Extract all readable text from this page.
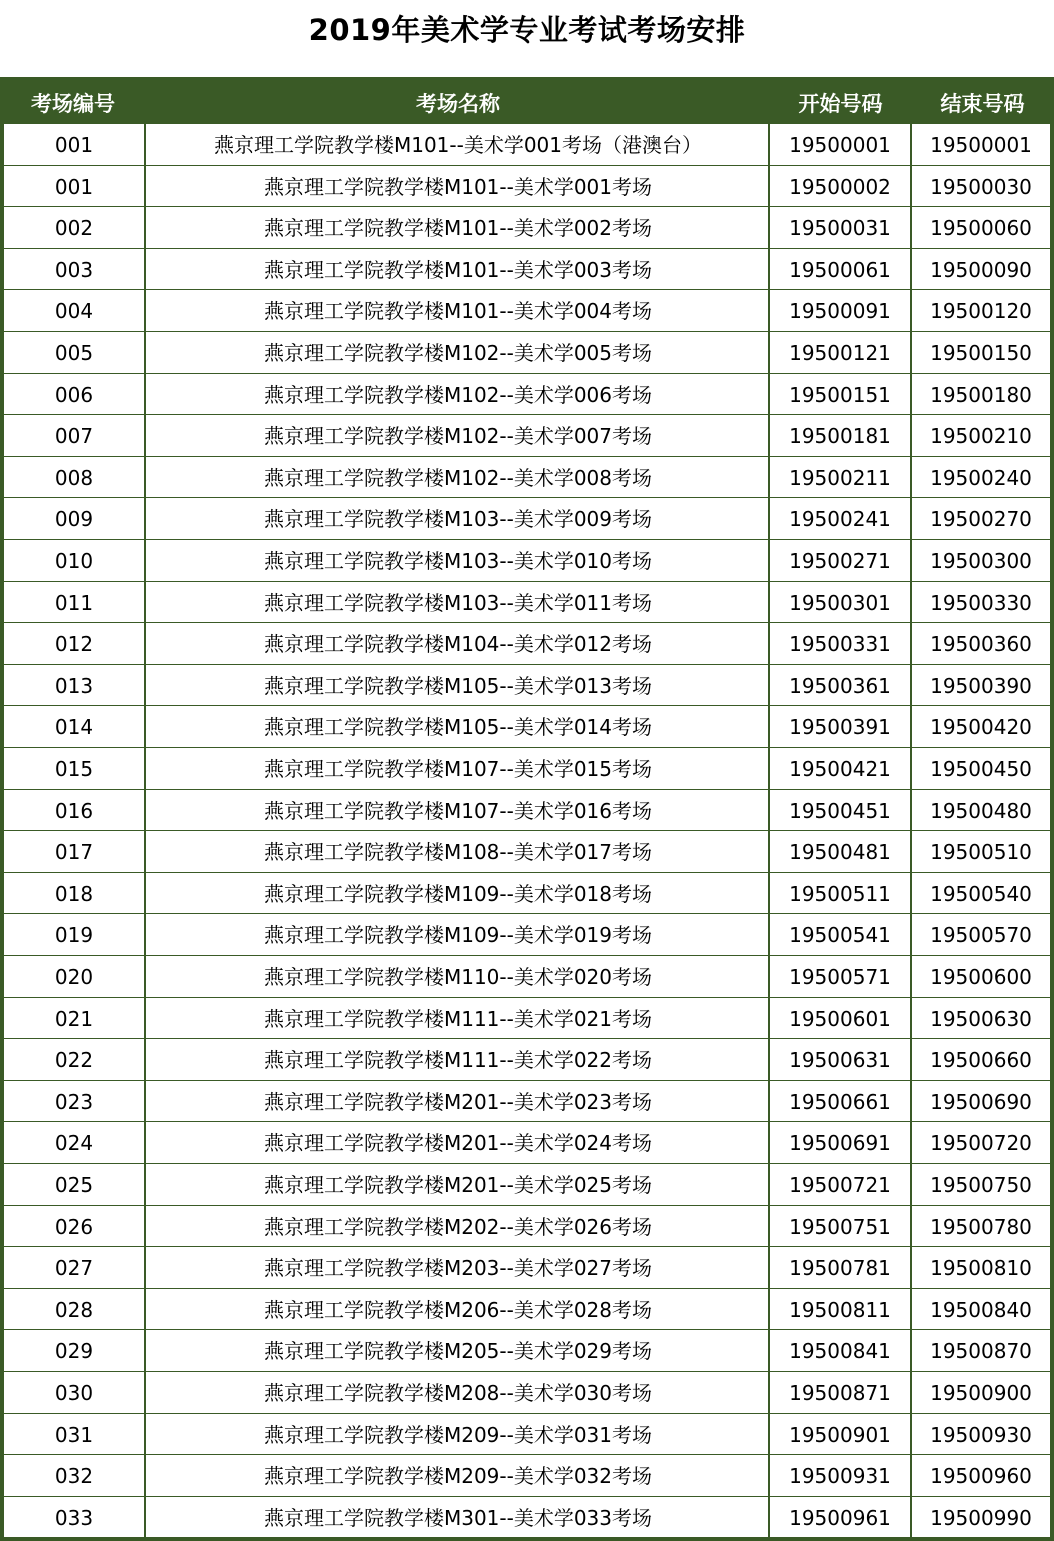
2019年美术学专业考试考场安排
考场编号	考场名称	开始号码	结束号码
001	燕京理工学院教学楼M101--美术学001考场（港澳台）	19500001	19500001
001	燕京理工学院教学楼M101--美术学001考场	19500002	19500030
002	燕京理工学院教学楼M101--美术学002考场	19500031	19500060
003	燕京理工学院教学楼M101--美术学003考场	19500061	19500090
004	燕京理工学院教学楼M101--美术学004考场	19500091	19500120
005	燕京理工学院教学楼M102--美术学005考场	19500121	19500150
006	燕京理工学院教学楼M102--美术学006考场	19500151	19500180
007	燕京理工学院教学楼M102--美术学007考场	19500181	19500210
008	燕京理工学院教学楼M102--美术学008考场	19500211	19500240
009	燕京理工学院教学楼M103--美术学009考场	19500241	19500270
010	燕京理工学院教学楼M103--美术学010考场	19500271	19500300
011	燕京理工学院教学楼M103--美术学011考场	19500301	19500330
012	燕京理工学院教学楼M104--美术学012考场	19500331	19500360
013	燕京理工学院教学楼M105--美术学013考场	19500361	19500390
014	燕京理工学院教学楼M105--美术学014考场	19500391	19500420
015	燕京理工学院教学楼M107--美术学015考场	19500421	19500450
016	燕京理工学院教学楼M107--美术学016考场	19500451	19500480
017	燕京理工学院教学楼M108--美术学017考场	19500481	19500510
018	燕京理工学院教学楼M109--美术学018考场	19500511	19500540
019	燕京理工学院教学楼M109--美术学019考场	19500541	19500570
020	燕京理工学院教学楼M110--美术学020考场	19500571	19500600
021	燕京理工学院教学楼M111--美术学021考场	19500601	19500630
022	燕京理工学院教学楼M111--美术学022考场	19500631	19500660
023	燕京理工学院教学楼M201--美术学023考场	19500661	19500690
024	燕京理工学院教学楼M201--美术学024考场	19500691	19500720
025	燕京理工学院教学楼M201--美术学025考场	19500721	19500750
026	燕京理工学院教学楼M202--美术学026考场	19500751	19500780
027	燕京理工学院教学楼M203--美术学027考场	19500781	19500810
028	燕京理工学院教学楼M206--美术学028考场	19500811	19500840
029	燕京理工学院教学楼M205--美术学029考场	19500841	19500870
030	燕京理工学院教学楼M208--美术学030考场	19500871	19500900
031	燕京理工学院教学楼M209--美术学031考场	19500901	19500930
032	燕京理工学院教学楼M209--美术学032考场	19500931	19500960
033	燕京理工学院教学楼M301--美术学033考场	19500961	19500990
